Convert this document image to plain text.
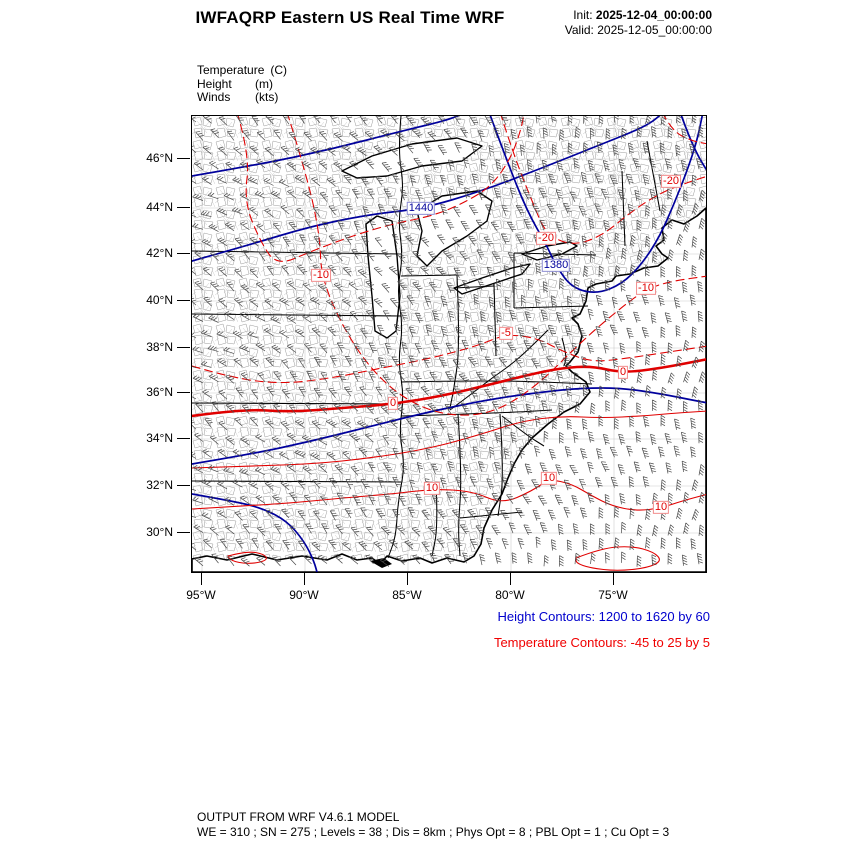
IWFAQRP Eastern US Real Time WRF	Init: 2025-12-04_00:00:00
Valid: 2025-12-05_00:00:00
Temperature (C)
Height	(m)
Winds	(kts)
1440
1380
-10
-20
-20
-10
-5
0
0
10
10
10
Height Contours: 1200 to 1620 by 60
Temperature Contours: -45 to 25 by 5
OUTPUT FROM WRF V4.6.1 MODEL
WE = 310 ; SN = 275 ; Levels = 38 ; Dis = 8km ; Phys Opt = 8 ; PBL Opt = 1 ; Cu Opt = 3
46°N
44°N
42°N
40°N
38°N
36°N
34°N
32°N
30°N
95°W	90°W	85°W	80°W	75°W
